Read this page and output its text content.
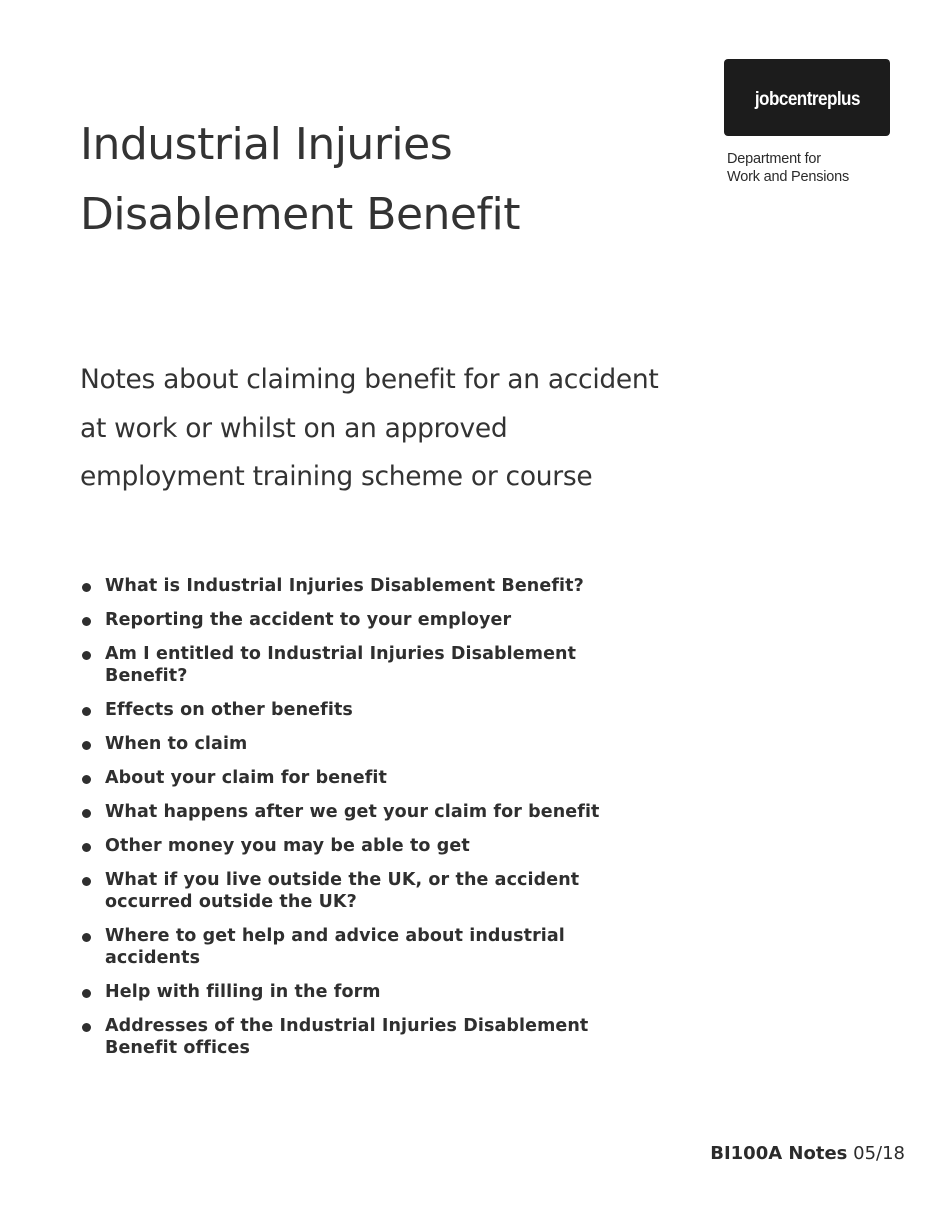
Industrial Injuries
Disablement Benefit
jobcentreplus
Department for
Work and Pensions

Notes about claiming benefit for an accident at work or whilst on an approved employment training scheme or course

What is Industrial Injuries Disablement Benefit?
Reporting the accident to your employer
Am I entitled to Industrial Injuries Disablement Benefit?
Effects on other benefits
When to claim
About your claim for benefit
What happens after we get your claim for benefit
Other money you may be able to get
What if you live outside the UK, or the accident occurred outside the UK?
Where to get help and advice about industrial accidents
Help with filling in the form
Addresses of the Industrial Injuries Disablement Benefit offices
BI100A Notes 05/18
